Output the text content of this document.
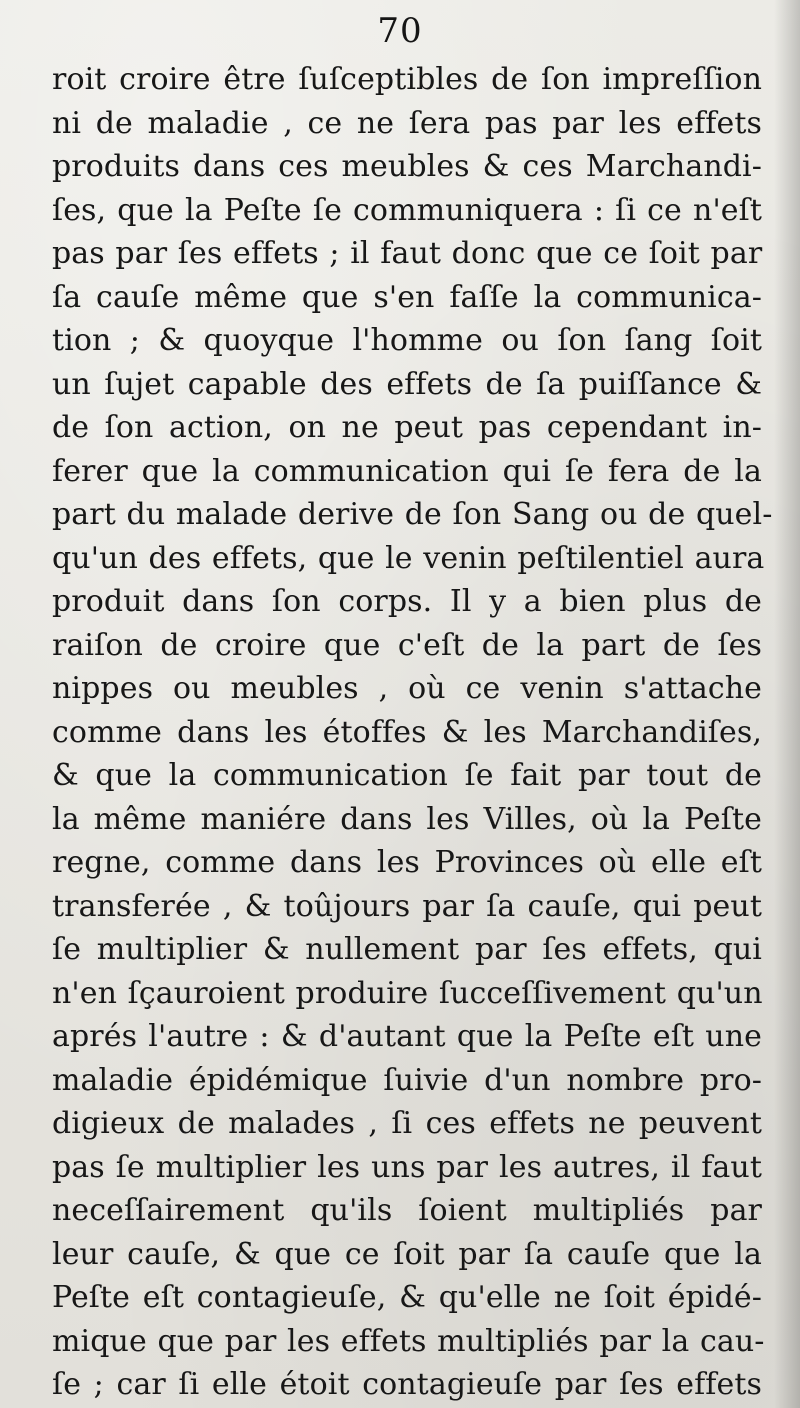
70
roit croire être ſuſceptibles de ſon impreſſion
ni de maladie , ce ne ſera pas par les effets
produits dans ces meubles & ces Marchandi-
ſes, que la Peſte ſe communiquera : ſi ce n'eſt
pas par ſes effets ; il faut donc que ce ſoit par
ſa cauſe même que s'en faſſe la communica-
tion ; & quoyque l'homme ou ſon ſang ſoit
un ſujet capable des effets de ſa puiſſance &
de ſon action, on ne peut pas cependant in-
ferer que la communication qui ſe fera de la
part du malade derive de ſon Sang ou de quel-
qu'un des effets, que le venin peſtilentiel aura
produit dans ſon corps. Il y a bien plus de
raiſon de croire que c'eſt de la part de ſes
nippes ou meubles , où ce venin s'attache
comme dans les étoffes & les Marchandiſes,
& que la communication ſe fait par tout de
la même maniére dans les Villes, où la Peſte
regne, comme dans les Provinces où elle eſt
transferée , & toûjours par ſa cauſe, qui peut
ſe multiplier & nullement par ſes effets, qui
n'en ſçauroient produire ſucceſſivement qu'un
aprés l'autre : & d'autant que la Peſte eſt une
maladie épidémique ſuivie d'un nombre pro-
digieux de malades , ſi ces effets ne peuvent
pas ſe multiplier les uns par les autres, il faut
neceſſairement qu'ils ſoient multipliés par
leur cauſe, & que ce ſoit par ſa cauſe que la
Peſte eſt contagieuſe, & qu'elle ne ſoit épidé-
mique que par les effets multipliés par la cau-
ſe ; car ſi elle étoit contagieuſe par ſes effets
